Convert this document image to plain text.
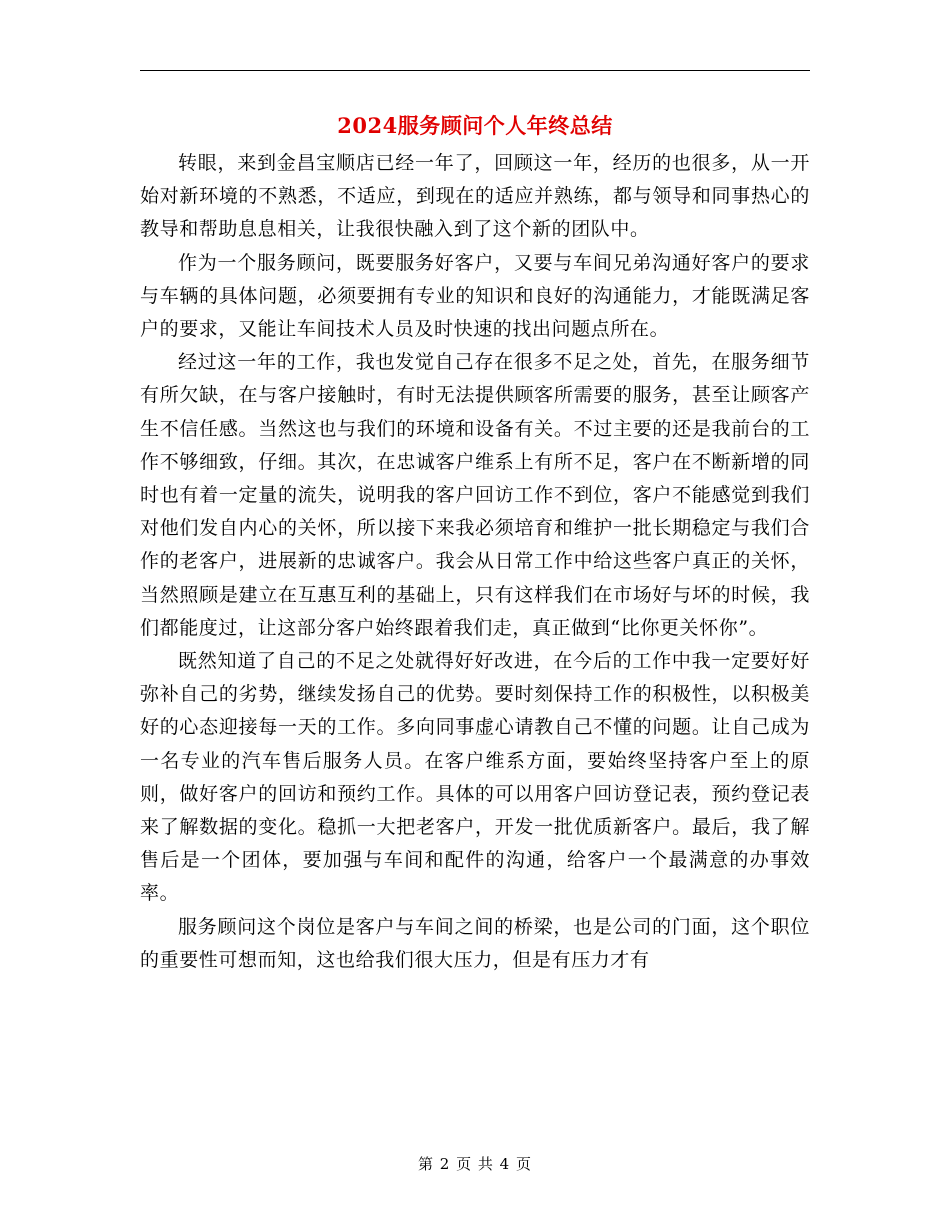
2024服务顾问个人年终总结

转眼，来到金昌宝顺店已经一年了，回顾这一年，经历的也很多，从一开始对新环境的不熟悉，不适应，到现在的适应并熟练，都与领导和同事热心的教导和帮助息息相关，让我很快融入到了这个新的团队中。

作为一个服务顾问，既要服务好客户，又要与车间兄弟沟通好客户的要求与车辆的具体问题，必须要拥有专业的知识和良好的沟通能力，才能既满足客户的要求，又能让车间技术人员及时快速的找出问题点所在。

经过这一年的工作，我也发觉自己存在很多不足之处，首先，在服务细节有所欠缺，在与客户接触时，有时无法提供顾客所需要的服务，甚至让顾客产生不信任感。当然这也与我们的环境和设备有关。不过主要的还是我前台的工作不够细致，仔细。其次，在忠诚客户维系上有所不足，客户在不断新增的同时也有着一定量的流失，说明我的客户回访工作不到位，客户不能感觉到我们对他们发自内心的关怀，所以接下来我必须培育和维护一批长期稳定与我们合作的老客户，进展新的忠诚客户。我会从日常工作中给这些客户真正的关怀，当然照顾是建立在互惠互利的基础上，只有这样我们在市场好与坏的时候，我们都能度过，让这部分客户始终跟着我们走，真正做到“比你更关怀你”。

既然知道了自己的不足之处就得好好改进，在今后的工作中我一定要好好弥补自己的劣势，继续发扬自己的优势。要时刻保持工作的积极性，以积极美好的心态迎接每一天的工作。多向同事虚心请教自己不懂的问题。让自己成为一名专业的汽车售后服务人员。在客户维系方面，要始终坚持客户至上的原则，做好客户的回访和预约工作。具体的可以用客户回访登记表，预约登记表来了解数据的变化。稳抓一大把老客户，开发一批优质新客户。最后，我了解售后是一个团体，要加强与车间和配件的沟通，给客户一个最满意的办事效率。

服务顾问这个岗位是客户与车间之间的桥梁，也是公司的门面，这个职位的重要性可想而知，这也给我们很大压力，但是有压力才有

第 2 页 共 4 页
